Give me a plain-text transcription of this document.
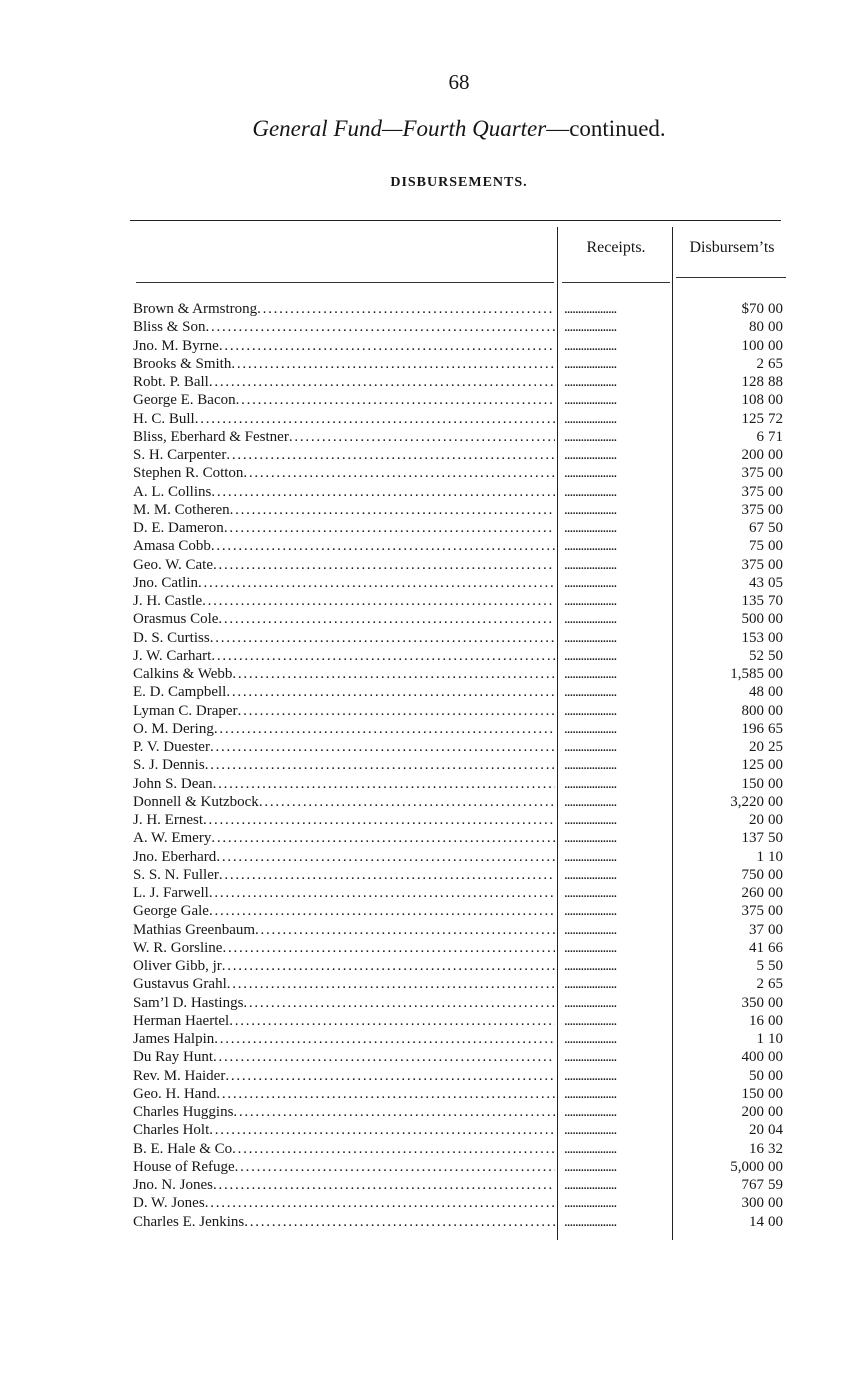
68
General Fund—Fourth Quarter—continued.
DISBURSEMENTS.
Receipts.	Disbursem’ts
Brown & Armstrong . . .	...................	$70 00
Bliss & Son . . .	...................	80 00
Jno. M. Byrne . . .	...................	100 00
Brooks & Smith . . .	...................	2 65
Robt. P. Ball . . .	...................	128 88
George E. Bacon . . .	...................	108 00
H. C. Bull . . .	...................	125 72
Bliss, Eberhard & Festner . . .	...................	6 71
S. H. Carpenter . . .	...................	200 00
Stephen R. Cotton . . .	...................	375 00
A. L. Collins . . .	...................	375 00
M. M. Cotheren . . .	...................	375 00
D. E. Dameron . . .	...................	67 50
Amasa Cobb . . .	...................	75 00
Geo. W. Cate . . .	...................	375 00
Jno. Catlin . . .	...................	43 05
J. H. Castle . . .	...................	135 70
Orasmus Cole . . .	...................	500 00
D. S. Curtiss . . .	...................	153 00
J. W. Carhart . . .	...................	52 50
Calkins & Webb . . .	...................	1,585 00
E. D. Campbell . . .	...................	48 00
Lyman C. Draper . . .	...................	800 00
O. M. Dering . . .	...................	196 65
P. V. Duester . . .	...................	20 25
S. J. Dennis . . .	...................	125 00
John S. Dean . . .	...................	150 00
Donnell & Kutzbock . . .	...................	3,220 00
J. H. Ernest . . .	...................	20 00
A. W. Emery . . .	...................	137 50
Jno. Eberhard . . .	...................	1 10
S. S. N. Fuller . . .	...................	750 00
L. J. Farwell . . .	...................	260 00
George Gale . . .	...................	375 00
Mathias Greenbaum . . .	...................	37 00
W. R. Gorsline . . .	...................	41 66
Oliver Gibb, jr . . .	...................	5 50
Gustavus Grahl . . .	...................	2 65
Sam’l D. Hastings . . .	...................	350 00
Herman Haertel . . .	...................	16 00
James Halpin . . .	...................	1 10
Du Ray Hunt . . .	...................	400 00
Rev. M. Haider . . .	...................	50 00
Geo. H. Hand . . .	...................	150 00
Charles Huggins . . .	...................	200 00
Charles Holt . . .	...................	20 04
B. E. Hale & Co . . .	...................	16 32
House of Refuge . . .	...................	5,000 00
Jno. N. Jones . . .	...................	767 59
D. W. Jones . . .	...................	300 00
Charles E. Jenkins . . .	...................	14 00
